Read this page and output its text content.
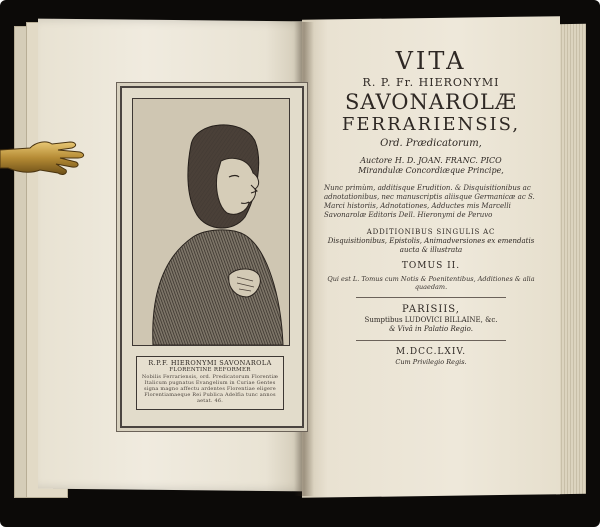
R.P.F. HIERONYMI SAVONAROLA
FLORENTINE REFORMER
Nobilis Ferrariensis, ord. Predicatorum Florentiæ Italicum pugnatus Evangelium in Curiae Gentes signa magno affectu ardentes Florentiae eligere Florentiamaeque Rei Publica Adelfia tunc annos aetat. 46.
VITA
R. P. Fr. HIERONYMI
SAVONAROLÆ
FERRARIENSIS,
Ord. Prædicatorum,
Auctore H. D. JOAN. FRANC. PICO
Mirandulæ Concordiæque Principe,
Nunc primùm, additisque Erudition. & Disquisitionibus ac adnotationibus, nec manuscriptis aliisque Germanicæ ac S. Marci historiis, Adnotationes, Adductes mis Marcelli Savonarolæ Editoris Dell. Hieronymi de Peruvo
ADDITIONIBUS SINGULIS AC
Disquisitionibus, Epistolis, Animadversiones ex emendatis aucta & illustrata
TOMUS II.
Qui est L. Tomus cum Notis & Poenitentibus, Additiones & alia quaedam.
PARISIIS,
Sumptibus LUDOVICI BILLAINE, &c.
& Vivâ in Palatio Regio.
M.DCC.LXIV.
Cum Privilegio Regis.
